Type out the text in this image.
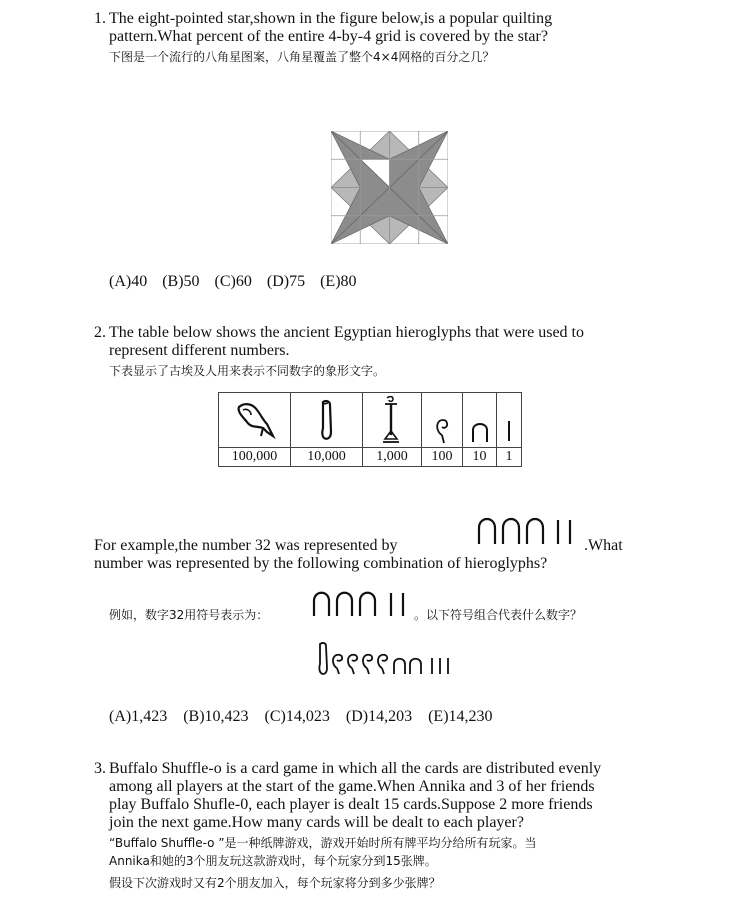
1. The eight-pointed star,shown in the figure below,is a popular quilting
pattern.What percent of the entire 4-by-4 grid is covered by the star?
下图是一个流行的八角星图案，八角星覆盖了整个4×4网格的百分之几？
(A)40 (B)50 (C)60 (D)75 (E)80
2. The table below shows the ancient Egyptian hieroglyphs that were used to
represent different numbers.
下表显示了古埃及人用来表示不同数字的象形文字。

100,000	10,000	1,000	100	10	1
For example,the number 32 was represented by	.What
number was represented by the following combination of hieroglyphs?
例如，数字32用符号表示为：	。以下符号组合代表什么数字？
(A)1,423 (B)10,423 (C)14,023 (D)14,203 (E)14,230
3. Buffalo Shuffle-o is a card game in which all the cards are distributed evenly
among all players at the start of the game.When Annika and 3 of her friends
play Buffalo Shufle-0, each player is dealt 15 cards.Suppose 2 more friends
join the next game.How many cards will be dealt to each player?
“Buffalo Shuffle-o ”是一种纸牌游戏，游戏开始时所有牌平均分给所有玩家。当
Annika和她的3个朋友玩这款游戏时，每个玩家分到15张牌。
假设下次游戏时又有2个朋友加入，每个玩家将分到多少张牌？
